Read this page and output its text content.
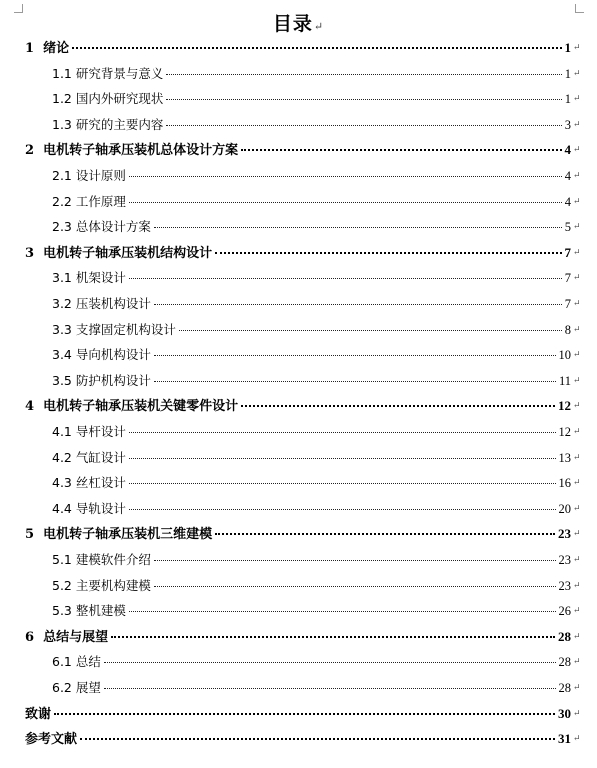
目录↵
1  绪论	1 ↵
1.1 研究背景与意义	1 ↵
1.2 国内外研究现状	1 ↵
1.3 研究的主要内容	3 ↵
2  电机转子轴承压装机总体设计方案	4 ↵
2.1 设计原则	4 ↵
2.2 工作原理	4 ↵
2.3 总体设计方案	5 ↵
3  电机转子轴承压装机结构设计	7 ↵
3.1 机架设计	7 ↵
3.2 压装机构设计	7 ↵
3.3 支撑固定机构设计	8 ↵
3.4 导向机构设计	10 ↵
3.5 防护机构设计	11 ↵
4  电机转子轴承压装机关键零件设计	12 ↵
4.1 导杆设计	12 ↵
4.2 气缸设计	13 ↵
4.3 丝杠设计	16 ↵
4.4 导轨设计	20 ↵
5  电机转子轴承压装机三维建模	23 ↵
5.1 建模软件介绍	23 ↵
5.2 主要机构建模	23 ↵
5.3 整机建模	26 ↵
6  总结与展望	28 ↵
6.1 总结	28 ↵
6.2 展望	28 ↵
致谢	30 ↵
参考文献	31 ↵
